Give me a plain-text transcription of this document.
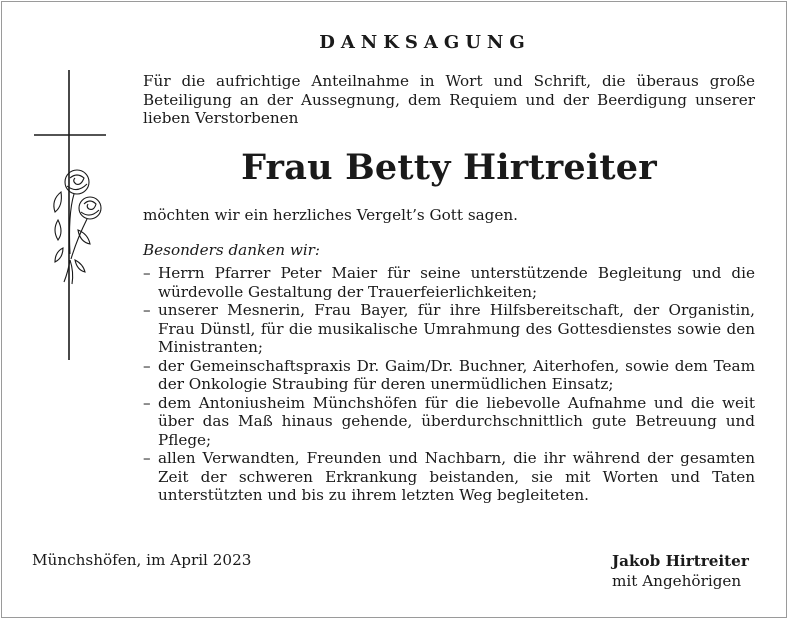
DANKSAGUNG
Für die aufrichtige Anteilnahme in Wort und Schrift, die überaus große Beteiligung an der Aussegnung, dem Requiem und der Beerdigung unserer lieben Verstorbenen
Frau Betty Hirtreiter
möchten wir ein herzliches Vergelt’s Gott sagen.
Besonders danken wir:
– Herrn Pfarrer Peter Maier für seine unterstützende Begleitung und die würdevolle Gestaltung der Trauerfeierlichkeiten;
– unserer Mesnerin, Frau Bayer, für ihre Hilfsbereitschaft, der Organistin, Frau Dünstl, für die musikalische Umrahmung des Gottesdienstes sowie den Ministranten;
– der Gemeinschaftspraxis Dr. Gaim/Dr. Buchner, Aiterhofen, sowie dem Team der Onkologie Straubing für deren unermüdlichen Einsatz;
– dem Antoniusheim Münchshöfen für die liebevolle Aufnahme und die weit über das Maß hinaus gehende, überdurchschnittlich gute Betreuung und Pflege;
– allen Verwandten, Freunden und Nachbarn, die ihr während der gesamten Zeit der schweren Erkrankung beistanden, sie mit Worten und Taten unterstützten und bis zu ihrem letzten Weg begleiteten.
Münchshöfen, im April 2023	Jakob Hirtreiter
mit Angehörigen
